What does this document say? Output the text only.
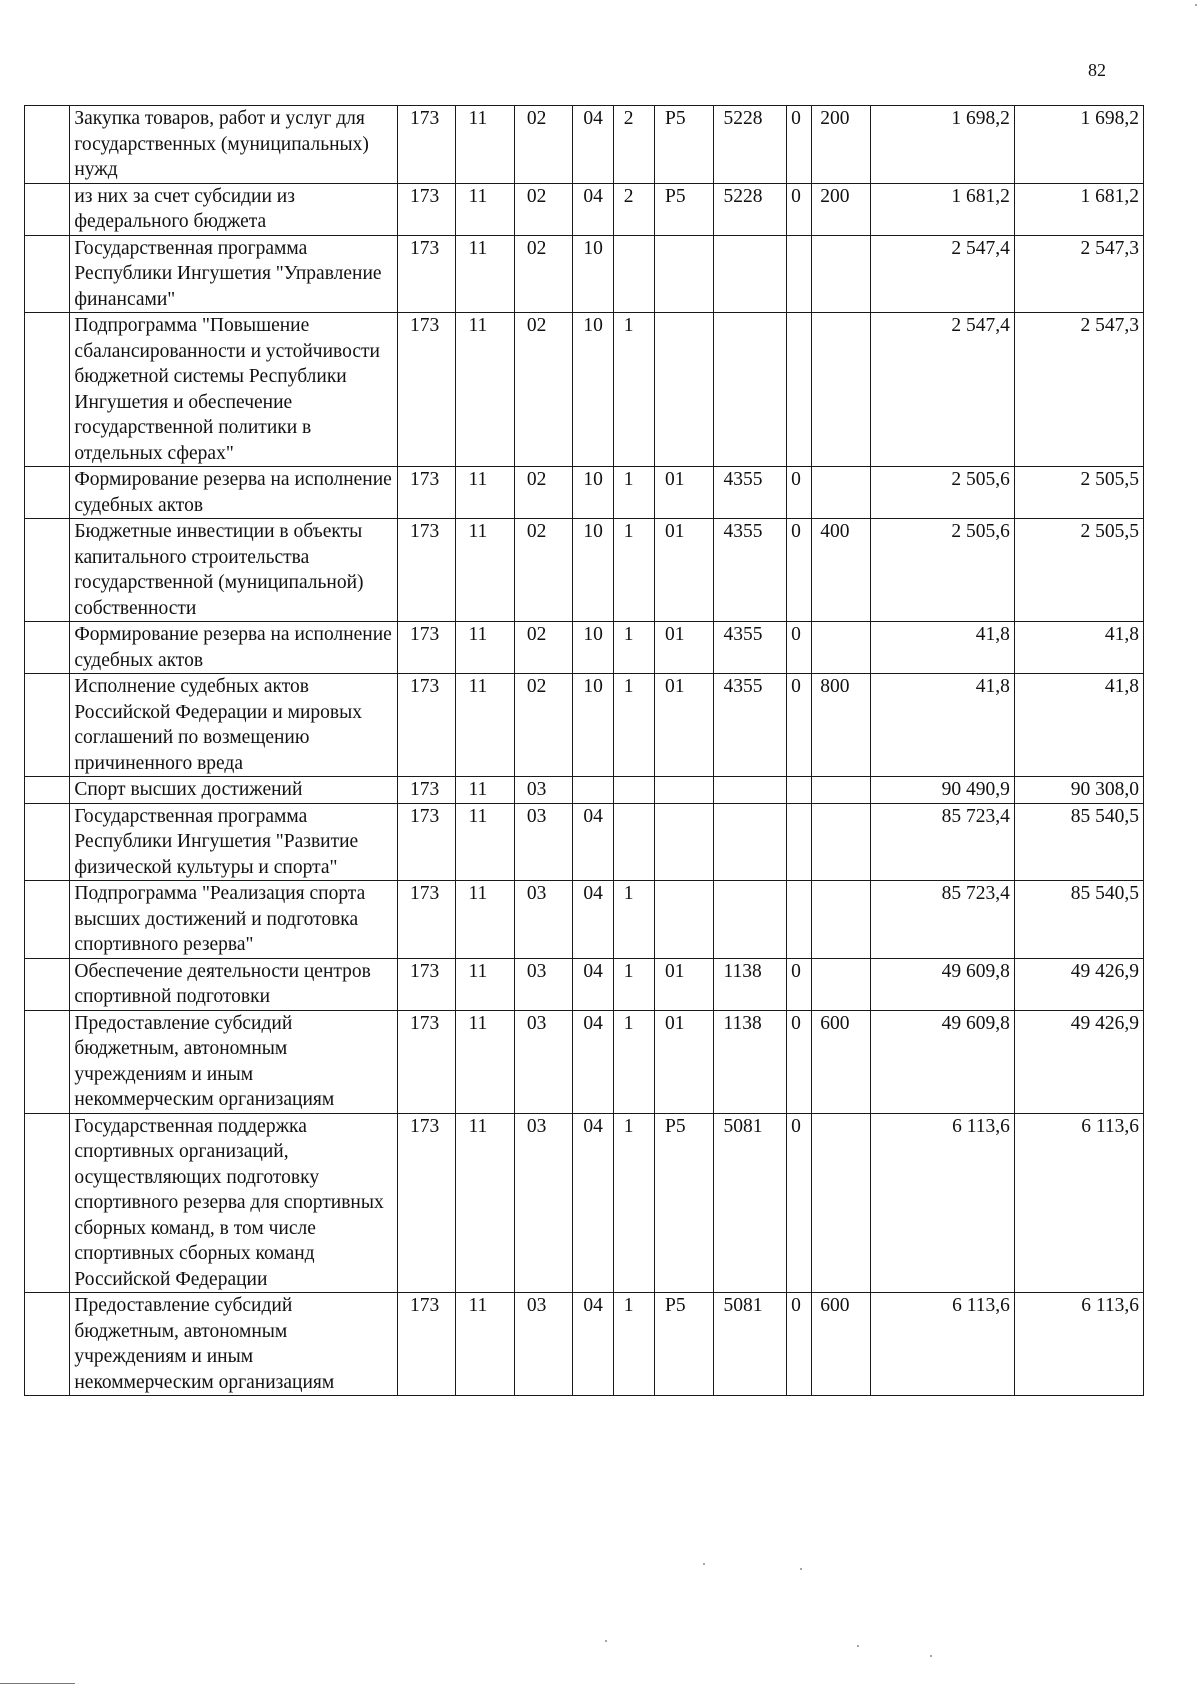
82
	Закупка товаров, работ и услуг для государственных (муниципальных) нужд	173	11	02	04	2	P5	5228	0	200	1 698,2	1 698,2
	из них за счет субсидии из федерального бюджета	173	11	02	04	2	P5	5228	0	200	1 681,2	1 681,2
	Государственная программа Республики Ингушетия "Управление финансами"	173	11	02	10						2 547,4	2 547,3
	Подпрограмма "Повышение сбалансированности и устойчивости бюджетной системы Республики Ингушетия и обеспечение государственной политики в отдельных сферах"	173	11	02	10	1					2 547,4	2 547,3
	Формирование резерва на исполнение судебных актов	173	11	02	10	1	01	4355	0		2 505,6	2 505,5
	Бюджетные инвестиции в объекты капитального строительства государственной (муниципальной) собственности	173	11	02	10	1	01	4355	0	400	2 505,6	2 505,5
	Формирование резерва на исполнение судебных актов	173	11	02	10	1	01	4355	0		41,8	41,8
	Исполнение судебных актов Российской Федерации и мировых соглашений по возмещению причиненного вреда	173	11	02	10	1	01	4355	0	800	41,8	41,8
	Спорт высших достижений	173	11	03							90 490,9	90 308,0
	Государственная программа Республики Ингушетия "Развитие физической культуры и спорта"	173	11	03	04						85 723,4	85 540,5
	Подпрограмма "Реализация спорта высших достижений и подготовка спортивного резерва"	173	11	03	04	1					85 723,4	85 540,5
	Обеспечение деятельности центров спортивной подготовки	173	11	03	04	1	01	1138	0		49 609,8	49 426,9
	Предоставление субсидий бюджетным, автономным учреждениям и иным некоммерческим организациям	173	11	03	04	1	01	1138	0	600	49 609,8	49 426,9
	Государственная поддержка спортивных организаций, осуществляющих подготовку спортивного резерва для спортивных сборных команд, в том числе спортивных сборных команд Российской Федерации	173	11	03	04	1	P5	5081	0		6 113,6	6 113,6
	Предоставление субсидий бюджетным, автономным учреждениям и иным некоммерческим организациям	173	11	03	04	1	P5	5081	0	600	6 113,6	6 113,6
